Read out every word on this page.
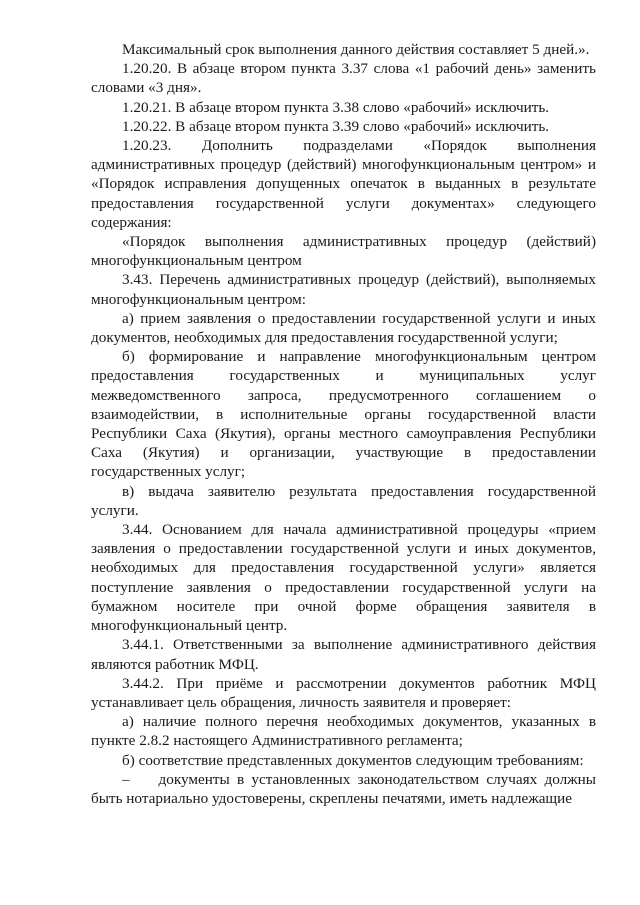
Максимальный срок выполнения данного действия составляет 5 дней.».

1.20.20. В абзаце втором пункта 3.37 слова «1 рабочий день» заменить словами «3 дня».

1.20.21. В абзаце втором пункта 3.38 слово «рабочий» исключить.

1.20.22. В абзаце втором пункта 3.39 слово «рабочий» исключить.

1.20.23. Дополнить подразделами «Порядок выполнения административных процедур (действий) многофункциональным центром» и «Порядок исправления допущенных опечаток в выданных в результате предоставления государственной услуги документах» следующего содержания:

«Порядок выполнения административных процедур (действий) многофункциональным центром

3.43. Перечень административных процедур (действий), выполняемых многофункциональным центром:

а) прием заявления о предоставлении государственной услуги и иных документов, необходимых для предоставления государственной услуги;

б) формирование и направление многофункциональным центром предоставления государственных и муниципальных услуг межведомственного запроса, предусмотренного соглашением о взаимодействии, в исполнительные органы государственной власти Республики Саха (Якутия), органы местного самоуправления Республики Саха (Якутия) и организации, участвующие в предоставлении государственных услуг;

в) выдача заявителю результата предоставления государственной услуги.

3.44. Основанием для начала административной процедуры «прием заявления о предоставлении государственной услуги и иных документов, необходимых для предоставления государственной услуги» является поступление заявления о предоставлении государственной услуги на бумажном носителе при очной форме обращения заявителя в многофункциональный центр.

3.44.1. Ответственными за выполнение административного действия являются работник МФЦ.

3.44.2. При приёме и рассмотрении документов работник МФЦ устанавливает цель обращения, личность заявителя и проверяет:

а) наличие полного перечня необходимых документов, указанных в пункте 2.8.2 настоящего Административного регламента;

б) соответствие представленных документов следующим требованиям:

–    документы в установленных законодательством случаях должны быть нотариально удостоверены, скреплены печатями, иметь надлежащие
